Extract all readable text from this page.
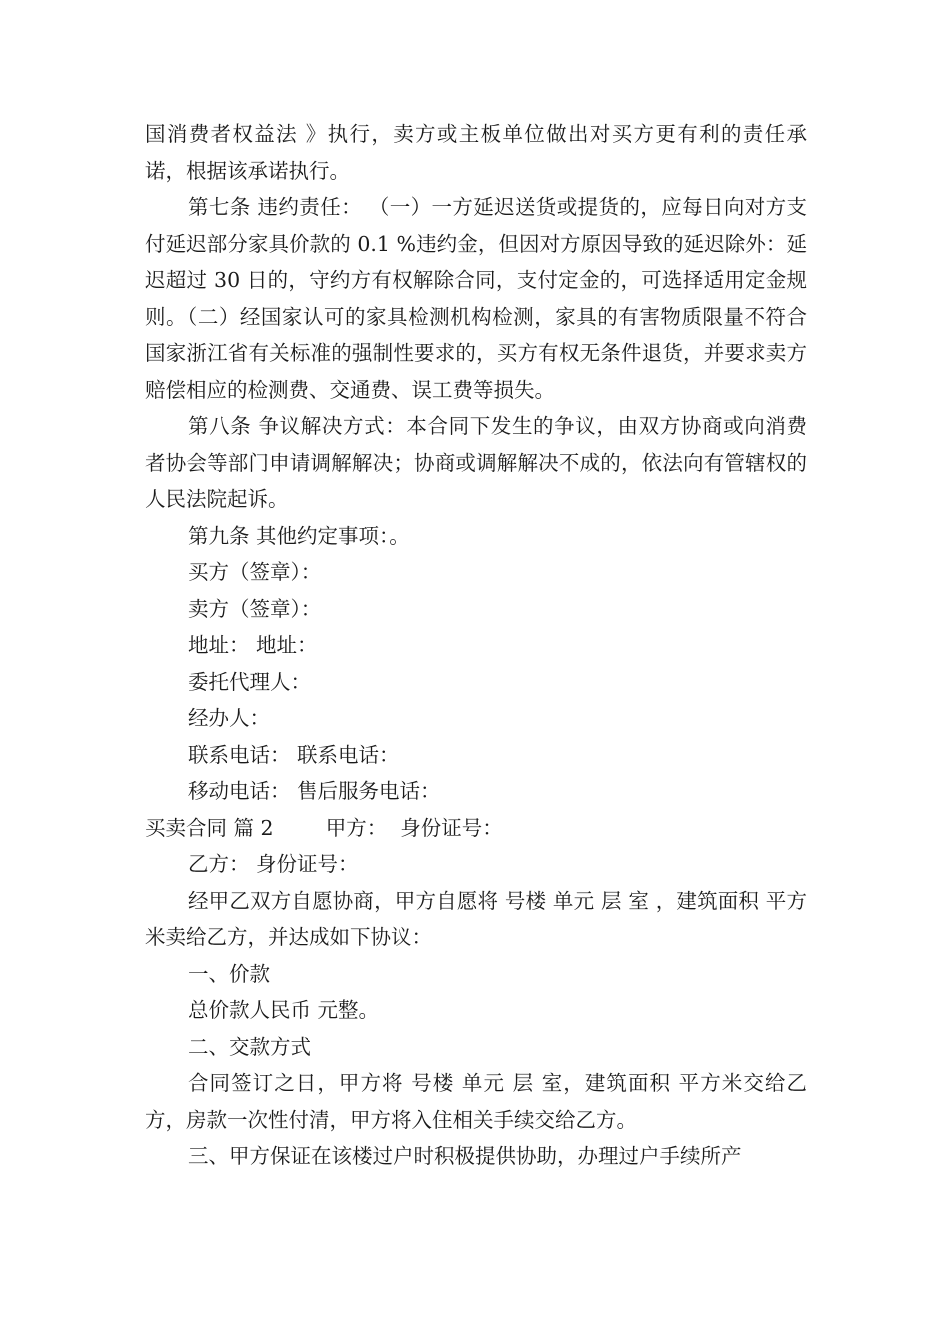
国消费者权益法 》执行，卖方或主板单位做出对买方更有利的责任承诺，根据该承诺执行。

第七条 违约责任： （一）一方延迟送货或提货的，应每日向对方支付延迟部分家具价款的 0.1 %违约金，但因对方原因导致的延迟除外：延迟超过 30 日的，守约方有权解除合同，支付定金的，可选择适用定金规则。（二）经国家认可的家具检测机构检测，家具的有害物质限量不符合国家浙江省有关标准的强制性要求的，买方有权无条件退货，并要求卖方赔偿相应的检测费、交通费、误工费等损失。

第八条 争议解决方式：本合同下发生的争议，由双方协商或向消费者协会等部门申请调解解决；协商或调解解决不成的，依法向有管辖权的 人民法院起诉。

第九条 其他约定事项：。

买方（签章）：

卖方（签章）：

地址： 地址：

委托代理人：

经办人：

联系电话： 联系电话：

移动电话： 售后服务电话：

买卖合同 篇 2        甲方：  身份证号：

乙方： 身份证号：

经甲乙双方自愿协商，甲方自愿将 号楼 单元 层 室 ，建筑面积 平方米卖给乙方，并达成如下协议：

一、价款

总价款人民币 元整。

二、交款方式

合同签订之日，甲方将 号楼 单元 层 室，建筑面积 平方米交给乙方，房款一次性付清，甲方将入住相关手续交给乙方。

三、甲方保证在该楼过户时积极提供协助，办理过户手续所产
